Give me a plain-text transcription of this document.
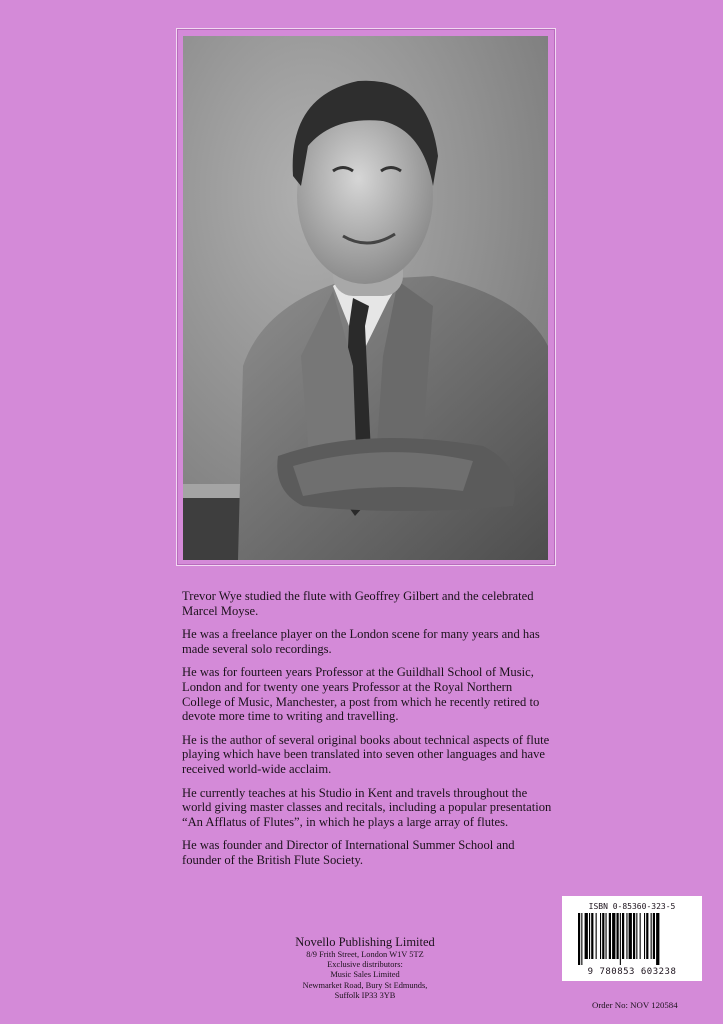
Trevor Wye studied the flute with Geoffrey Gilbert and the celebrated Marcel Moyse.

He was a freelance player on the London scene for many years and has made several solo recordings.

He was for fourteen years Professor at the Guildhall School of Music, London and for twenty one years Professor at the Royal Northern College of Music, Manchester, a post from which he recently retired to devote more time to writing and travelling.

He is the author of several original books about technical aspects of flute playing which have been translated into seven other languages and have received world-wide acclaim.

He currently teaches at his Studio in Kent and travels throughout the world giving master classes and recitals, including a popular presentation “An Afflatus of Flutes”, in which he plays a large array of flutes.

He was founder and Director of International Summer School and founder of the British Flute Society.

Novello Publishing Limited
8/9 Frith Street, London W1V 5TZ
Exclusive distributors:
Music Sales Limited
Newmarket Road, Bury St Edmunds,
Suffolk IP33 3YB
ISBN 0-85360-323-5
9 780853 603238
Order No: NOV 120584
